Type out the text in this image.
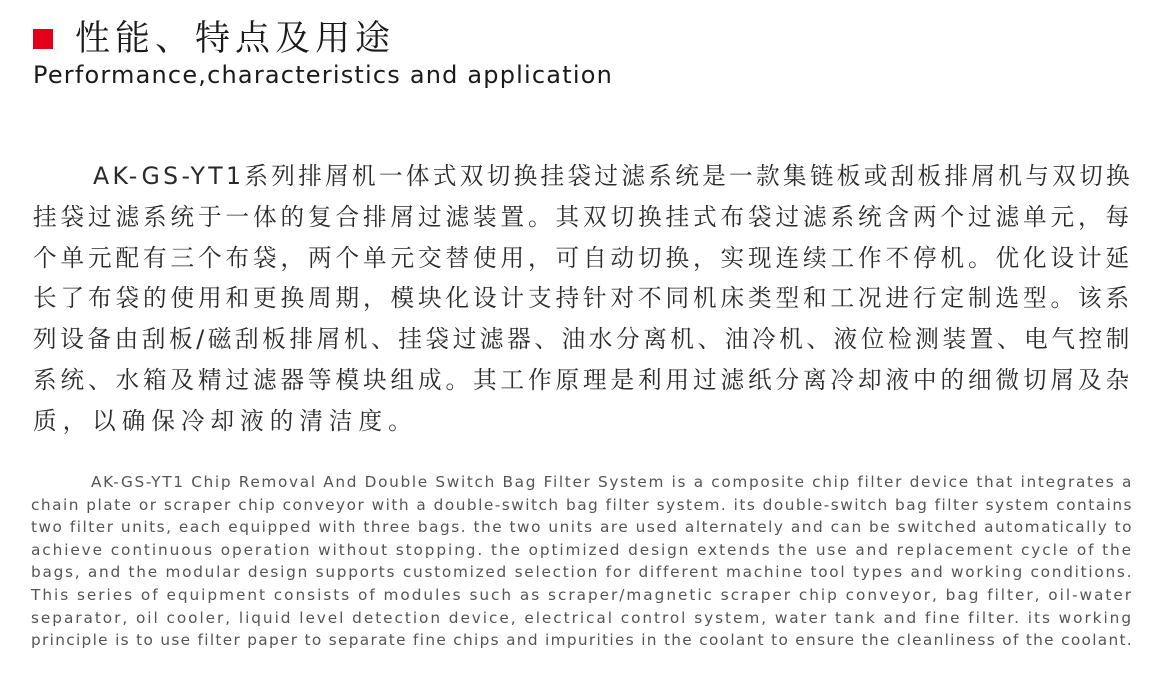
性能、特点及用途
Performance,characteristics and application
AK-GS-YT1系列排屑机一体式双切换挂袋过滤系统是一款集链板或刮板排屑机与双切换
挂袋过滤系统于一体的复合排屑过滤装置。其双切换挂式布袋过滤系统含两个过滤单元，每
个单元配有三个布袋，两个单元交替使用，可自动切换，实现连续工作不停机。优化设计延
长了布袋的使用和更换周期，模块化设计支持针对不同机床类型和工况进行定制选型。该系
列设备由刮板/磁刮板排屑机、挂袋过滤器、油水分离机、油冷机、液位检测装置、电气控制
系统、水箱及精过滤器等模块组成。其工作原理是利用过滤纸分离冷却液中的细微切屑及杂
质，以确保冷却液的清洁度。
AK-GS-YT1 Chip Removal And Double Switch Bag Filter System is a composite chip filter device that integrates a
chain plate or scraper chip conveyor with a double-switch bag filter system. its double-switch bag filter system contains
two filter units, each equipped with three bags. the two units are used alternately and can be switched automatically to
achieve continuous operation without stopping. the optimized design extends the use and replacement cycle of the
bags, and the modular design supports customized selection for different machine tool types and working conditions.
This series of equipment consists of modules such as scraper/magnetic scraper chip conveyor, bag filter, oil-water
separator, oil cooler, liquid level detection device, electrical control system, water tank and fine filter. its working
principle is to use filter paper to separate fine chips and impurities in the coolant to ensure the cleanliness of the coolant.
